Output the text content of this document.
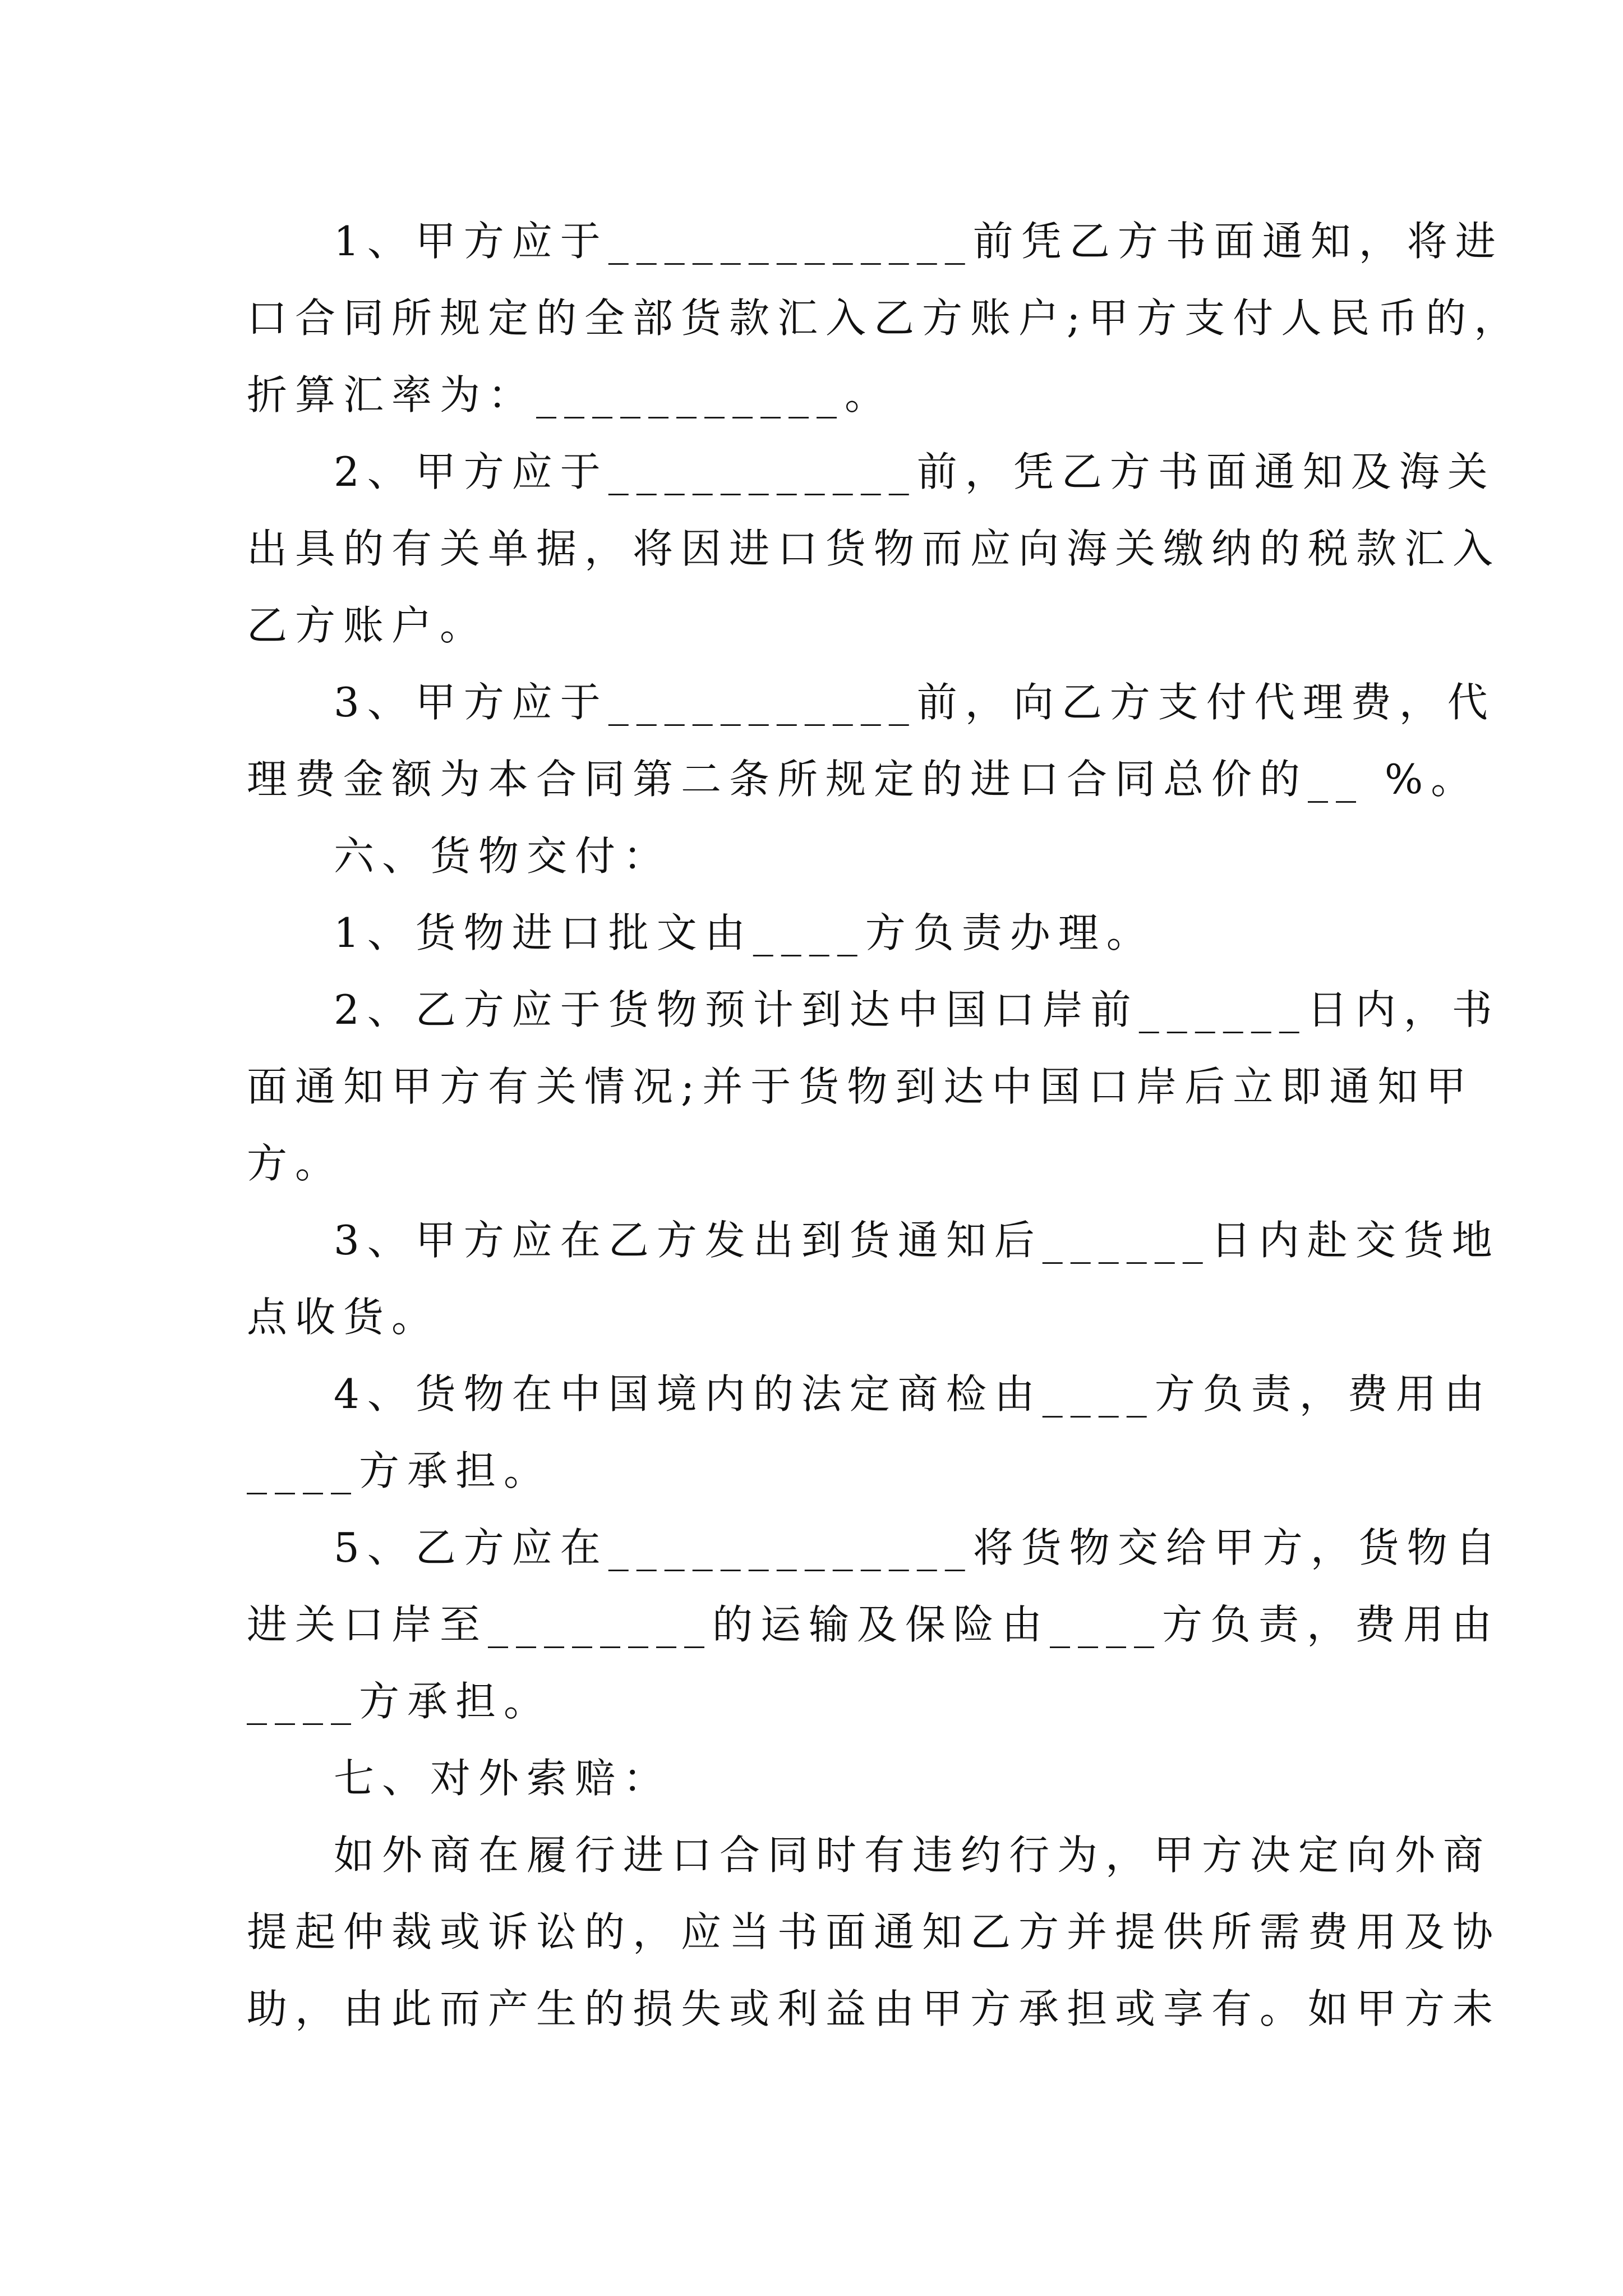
1、甲方应于_____________前凭乙方书面通知，将进
口合同所规定的全部货款汇入乙方账户;甲方支付人民币的，
折算汇率为：___________。
2、甲方应于___________前，凭乙方书面通知及海关
出具的有关单据，将因进口货物而应向海关缴纳的税款汇入
乙方账户。
3、甲方应于___________前，向乙方支付代理费，代
理费金额为本合同第二条所规定的进口合同总价的__ %。
六、货物交付：
1、货物进口批文由____方负责办理。
2、乙方应于货物预计到达中国口岸前______日内，书
面通知甲方有关情况;并于货物到达中国口岸后立即通知甲
方。
3、甲方应在乙方发出到货通知后______日内赴交货地
点收货。
4、货物在中国境内的法定商检由____方负责，费用由
____方承担。
5、乙方应在_____________将货物交给甲方，货物自
进关口岸至________的运输及保险由____方负责，费用由
____方承担。
七、对外索赔：
如外商在履行进口合同时有违约行为，甲方决定向外商
提起仲裁或诉讼的，应当书面通知乙方并提供所需费用及协
助，由此而产生的损失或利益由甲方承担或享有。如甲方未
